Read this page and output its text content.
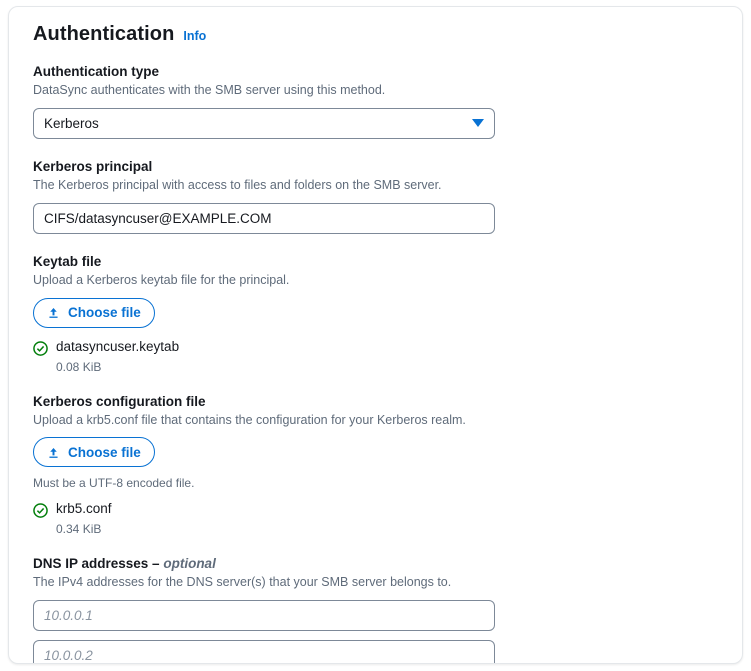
Authentication Info
Authentication type
DataSync authenticates with the SMB server using this method.
Kerberos
Kerberos principal
The Kerberos principal with access to files and folders on the SMB server.
CIFS/datasyncuser@EXAMPLE.COM
Keytab file
Upload a Kerberos keytab file for the principal.
Choose file
datasyncuser.keytab
0.08 KiB
Kerberos configuration file
Upload a krb5.conf file that contains the configuration for your Kerberos realm.
Choose file
Must be a UTF-8 encoded file.
krb5.conf
0.34 KiB
DNS IP addresses – optional
The IPv4 addresses for the DNS server(s) that your SMB server belongs to.
10.0.0.1
10.0.0.2
